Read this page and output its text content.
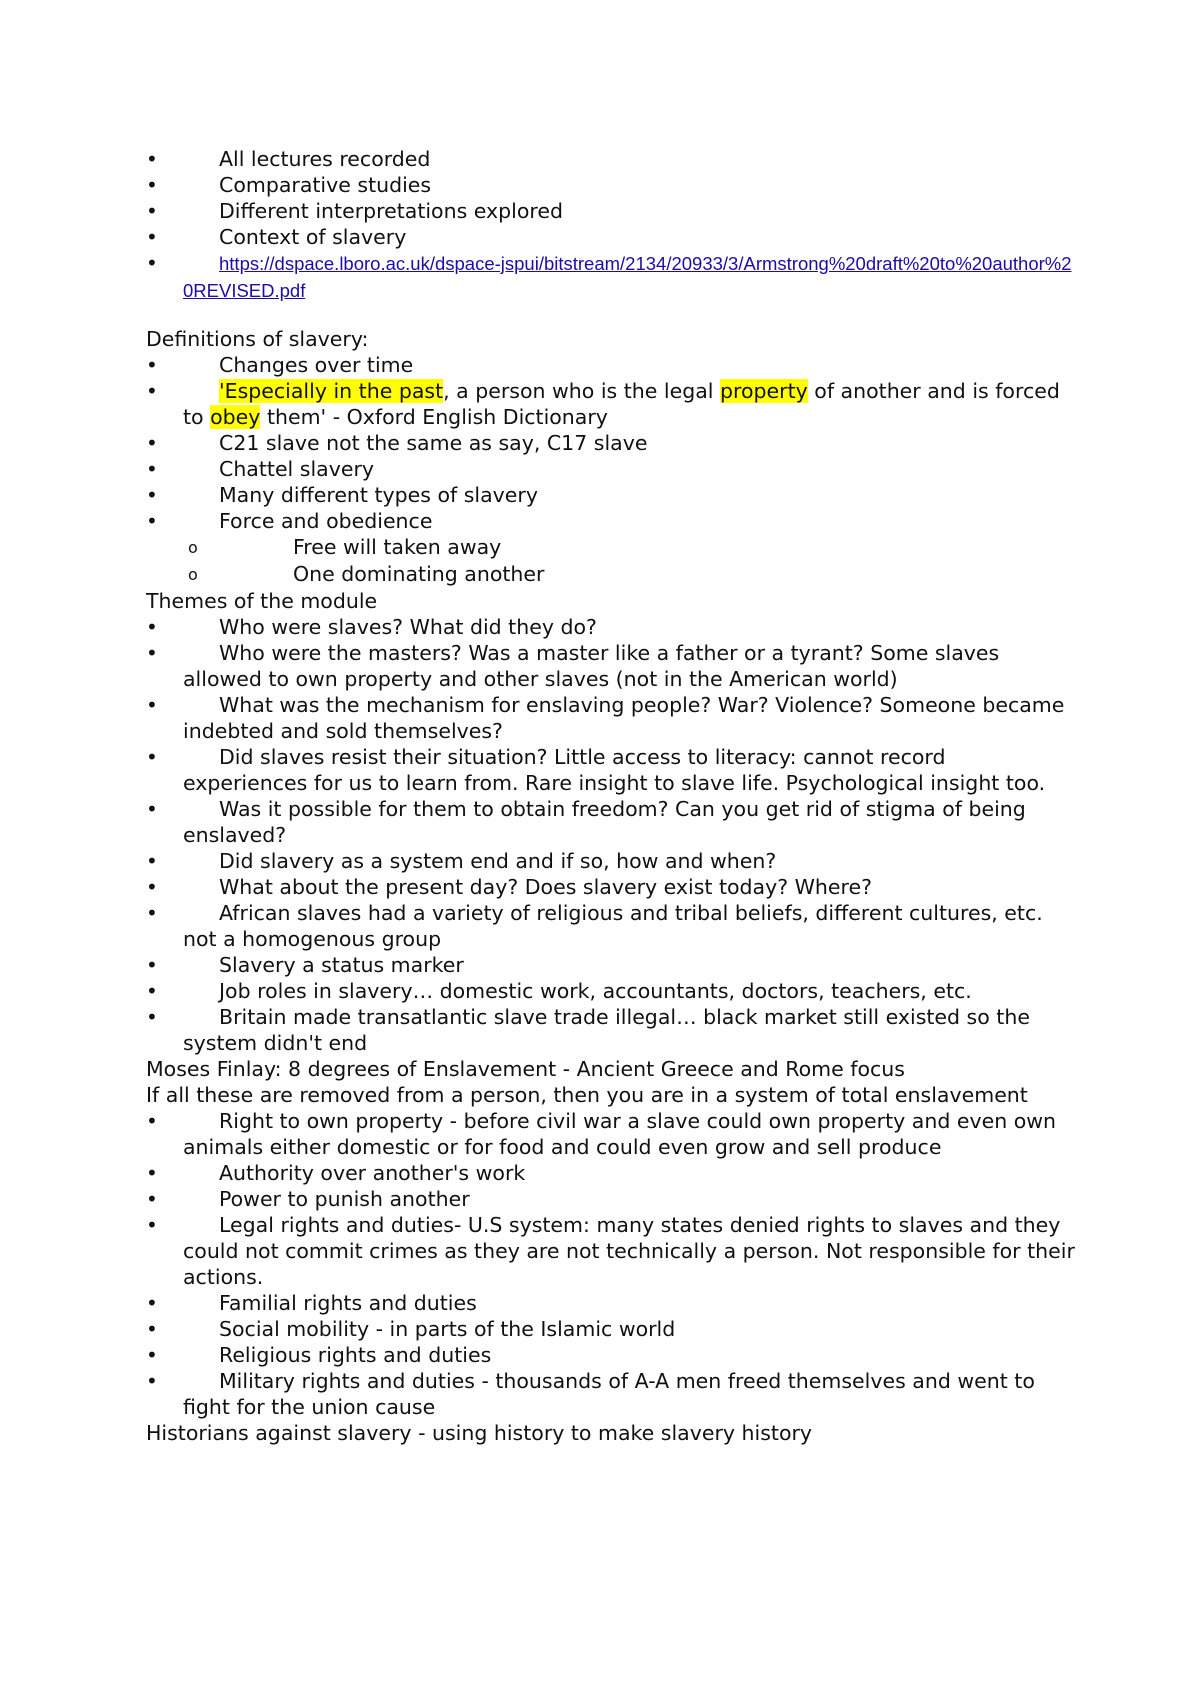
•	All lectures recorded
•	Comparative studies
•	Different interpretations explored
•	Context of slavery
•	https://dspace.lboro.ac.uk/dspace-jspui/bitstream/2134/20933/3/Armstrong%20draft%20to%20author%20REVISED.pdf
Definitions of slavery:
•	Changes over time
•	'Especially in the past, a person who is the legal property of another and is forced to obey them' - Oxford English Dictionary
•	C21 slave not the same as say, C17 slave
•	Chattel slavery
•	Many different types of slavery
•	Force and obedience
o	Free will taken away
o	One dominating another
Themes of the module
•	Who were slaves? What did they do?
•	Who were the masters? Was a master like a father or a tyrant? Some slaves allowed to own property and other slaves (not in the American world)
•	What was the mechanism for enslaving people? War? Violence? Someone became indebted and sold themselves?
•	Did slaves resist their situation? Little access to literacy: cannot record experiences for us to learn from. Rare insight to slave life. Psychological insight too.
•	Was it possible for them to obtain freedom? Can you get rid of stigma of being enslaved?
•	Did slavery as a system end and if so, how and when?
•	What about the present day? Does slavery exist today? Where?
•	African slaves had a variety of religious and tribal beliefs, different cultures, etc. not a homogenous group
•	Slavery a status marker
•	Job roles in slavery… domestic work, accountants, doctors, teachers, etc.
•	Britain made transatlantic slave trade illegal… black market still existed so the system didn't end
Moses Finlay: 8 degrees of Enslavement - Ancient Greece and Rome focus
If all these are removed from a person, then you are in a system of total enslavement
•	Right to own property - before civil war a slave could own property and even own animals either domestic or for food and could even grow and sell produce
•	Authority over another's work
•	Power to punish another
•	Legal rights and duties- U.S system: many states denied rights to slaves and they could not commit crimes as they are not technically a person. Not responsible for their actions.
•	Familial rights and duties
•	Social mobility - in parts of the Islamic world
•	Religious rights and duties
•	Military rights and duties - thousands of A-A men freed themselves and went to fight for the union cause
Historians against slavery - using history to make slavery history
